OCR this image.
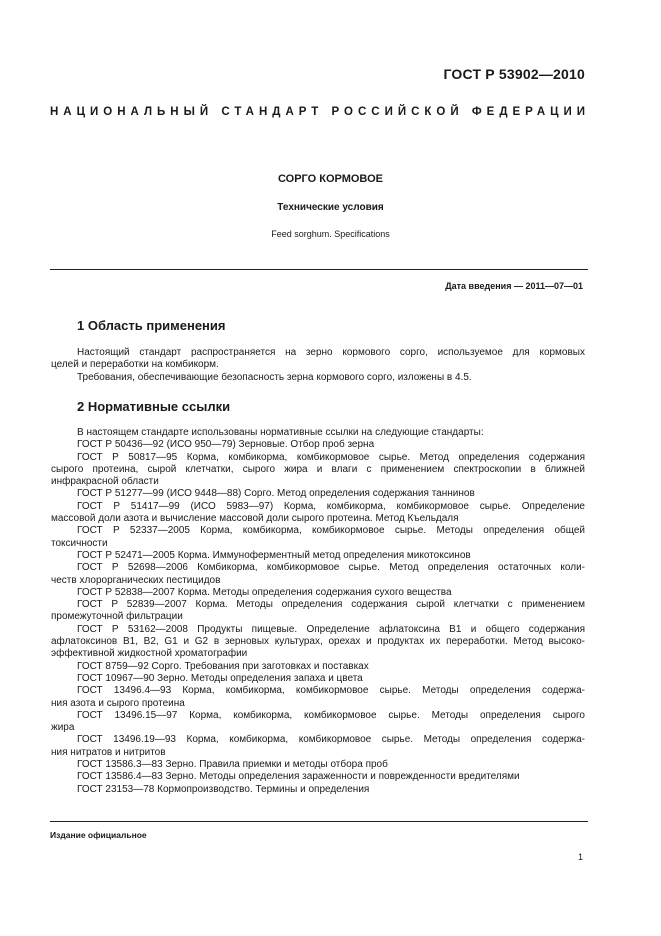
ГОСТ Р 53902—2010
НАЦИОНАЛЬНЫЙ СТАНДАРТ РОССИЙСКОЙ ФЕДЕРАЦИИ
СОРГО КОРМОВОЕ
Технические условия
Feed sorghum. Specifications
Дата введения — 2011—07—01
1 Область применения
Настоящий стандарт распространяется на зерно кормового сорго, используемое для кормовых
целей и переработки на комбикорм.
Требования, обеспечивающие безопасность зерна кормового сорго, изложены в 4.5.
2 Нормативные ссылки
В настоящем стандарте использованы нормативные ссылки на следующие стандарты:
ГОСТ Р 50436—92 (ИСО 950—79) Зерновые. Отбор проб зерна
ГОСТ Р 50817—95 Корма, комбикорма, комбикормовое сырье. Метод определения содержания
сырого протеина, сырой клетчатки, сырого жира и влаги с применением спектроскопии в ближней
инфракрасной области
ГОСТ Р 51277—99 (ИСО 9448—88) Сорго. Метод определения содержания таннинов
ГОСТ Р 51417—99 (ИСО 5983—97) Корма, комбикорма, комбикормовое сырье. Определение
массовой доли азота и вычисление массовой доли сырого протеина. Метод Къельдаля
ГОСТ Р 52337—2005 Корма, комбикорма, комбикормовое сырье. Методы определения общей
токсичности
ГОСТ Р 52471—2005 Корма. Иммуноферментный метод определения микотоксинов
ГОСТ Р 52698—2006 Комбикорма, комбикормовое сырье. Метод определения остаточных коли-
честв хлорорганических пестицидов
ГОСТ Р 52838—2007 Корма. Методы определения содержания сухого вещества
ГОСТ Р 52839—2007 Корма. Методы определения содержания сырой клетчатки с применением
промежуточной фильтрации
ГОСТ Р 53162—2008 Продукты пищевые. Определение афлатоксина В1 и общего содержания
афлатоксинов В1, В2, G1 и G2 в зерновых культурах, орехах и продуктах их переработки. Метод высоко-
эффективной жидкостной хроматографии
ГОСТ 8759—92 Сорго. Требования при заготовках и поставках
ГОСТ 10967—90 Зерно. Методы определения запаха и цвета
ГОСТ 13496.4—93 Корма, комбикорма, комбикормовое сырье. Методы определения содержа-
ния азота и сырого протеина
ГОСТ 13496.15—97 Корма, комбикорма, комбикормовое сырье. Методы определения сырого
жира
ГОСТ 13496.19—93 Корма, комбикорма, комбикормовое сырье. Методы определения содержа-
ния нитратов и нитритов
ГОСТ 13586.3—83 Зерно. Правила приемки и методы отбора проб
ГОСТ 13586.4—83 Зерно. Методы определения зараженности и поврежденности вредителями
ГОСТ 23153—78 Кормопроизводство. Термины и определения
Издание официальное
1
